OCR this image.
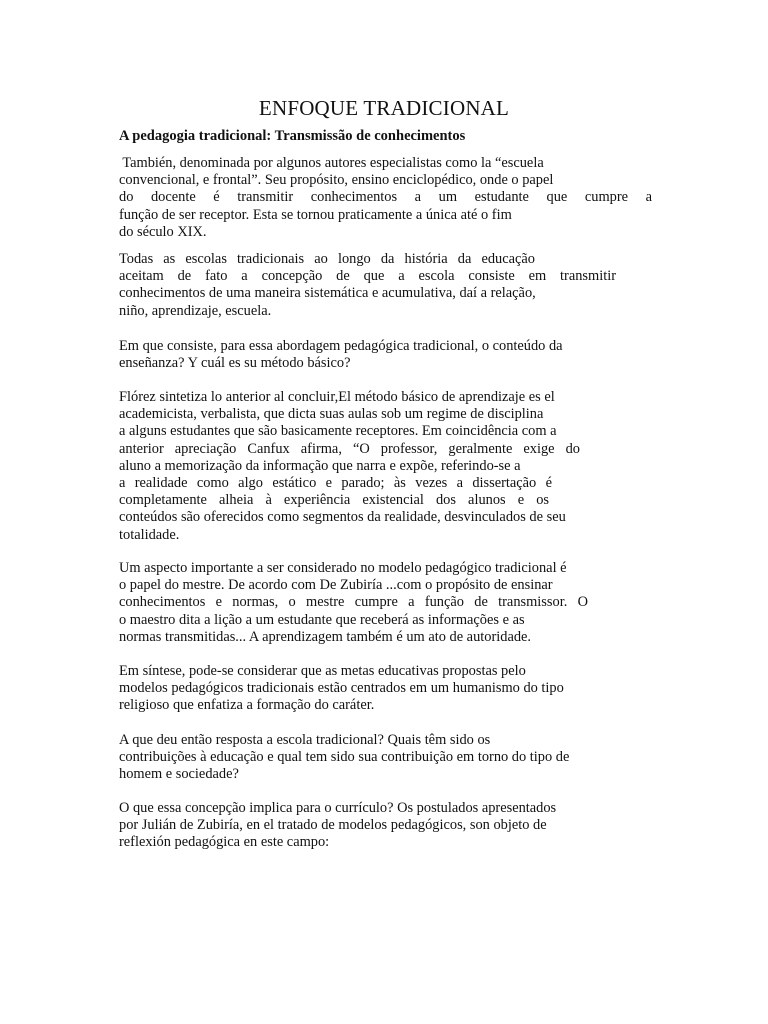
ENFOQUE TRADICIONAL
A pedagogia tradicional: Transmissão de conhecimentos

También, denominada por algunos autores especialistas como la “escuela
convencional, e frontal”. Seu propósito, ensino enciclopédico, onde o papel
do docente é transmitir conhecimentos a um estudante que cumpre a
função de ser receptor. Esta se tornou praticamente a única até o fim
do século XIX.

Todas as escolas tradicionais ao longo da história da educação
aceitam de fato a concepção de que a escola consiste em transmitir
conhecimentos de uma maneira sistemática e acumulativa, daí a relação,
niño, aprendizaje, escuela.

Em que consiste, para essa abordagem pedagógica tradicional, o conteúdo da
enseñanza? Y cuál es su método básico?

Flórez sintetiza lo anterior al concluir,El método básico de aprendizaje es el
academicista, verbalista, que dicta suas aulas sob um regime de disciplina
a alguns estudantes que são basicamente receptores. Em coincidência com a
anterior apreciação Canfux afirma, “O professor, geralmente exige do
aluno a memorização da informação que narra e expõe, referindo-se a
a realidade como algo estático e parado; às vezes a dissertação é
completamente alheia à experiência existencial dos alunos e os
conteúdos são oferecidos como segmentos da realidade, desvinculados de seu
totalidade.

Um aspecto importante a ser considerado no modelo pedagógico tradicional é
o papel do mestre. De acordo com De Zubiría ...com o propósito de ensinar
conhecimentos e normas, o mestre cumpre a função de transmissor. O
o maestro dita a lição a um estudante que receberá as informações e as
normas transmitidas... A aprendizagem também é um ato de autoridade.

Em síntese, pode-se considerar que as metas educativas propostas pelo
modelos pedagógicos tradicionais estão centrados em um humanismo do tipo
religioso que enfatiza a formação do caráter.

A que deu então resposta a escola tradicional? Quais têm sido os
contribuições à educação e qual tem sido sua contribuição em torno do tipo de
homem e sociedade?

O que essa concepção implica para o currículo? Os postulados apresentados
por Julián de Zubiría, en el tratado de modelos pedagógicos, son objeto de
reflexión pedagógica en este campo:
